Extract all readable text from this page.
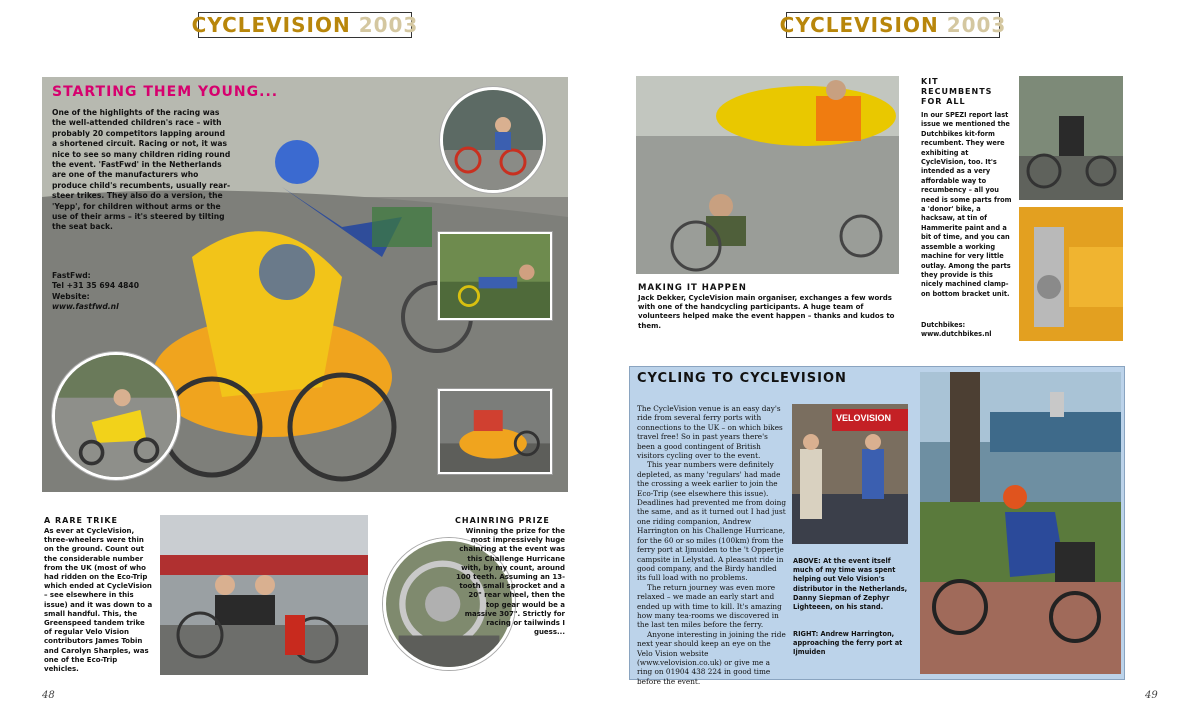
CYCLEVISION 2003
STARTING THEM YOUNG...
One of the highlights of the racing was the well-attended children's race – with probably 20 competitors lapping around a shortened circuit. Racing or not, it was nice to see so many children riding round the event. 'FastFwd' in the Netherlands are one of the manufacturers who produce child's recumbents, usually rear-steer trikes. They also do a version, the 'Yepp', for children without arms or the use of their arms – it's steered by tilting the seat back.
FastFwd:
Tel +31 35 694 4840
Website:
www.fastfwd.nl
A RARE TRIKE
As ever at CycleVision, three-wheelers were thin on the ground. Count out the considerable number from the UK (most of who had ridden on the Eco-Trip which ended at CycleVision – see elsewhere in this issue) and it was down to a small handful. This, the Greenspeed tandem trike of regular Velo Vision contributors James Tobin and Carolyn Sharples, was one of the Eco-Trip vehicles.
CHAINRING PRIZE
Winning the prize for the most impressively huge chainring at the event was this Challenge Hurricane with, by my count, around 100 teeth. Assuming an 13-tooth small sprocket and a 20" rear wheel, then the top gear would be a massive 307". Strictly for racing or tailwinds I guess...
48
CYCLEVISION 2003
MAKING IT HAPPEN
Jack Dekker, CycleVision main organiser, exchanges a few words with one of the handcycling participants. A huge team of volunteers helped make the event happen – thanks and kudos to them.
KIT
RECUMBENTS
FOR ALL
In our SPEZI report last issue we mentioned the Dutchbikes kit-form recumbent. They were exhibiting at CycleVision, too. It's intended as a very affordable way to recumbency – all you need is some parts from a 'donor' bike, a hacksaw, at tin of Hammerite paint and a bit of time, and you can assemble a working machine for very little outlay. Among the parts they provide is this nicely machined clamp-on bottom bracket unit.
Dutchbikes:
www.dutchbikes.nl
CYCLING TO CYCLEVISION

The CycleVision venue is an easy day's ride from several ferry ports with connections to the UK – on which bikes travel free! So in past years there's been a good contingent of British visitors cycling over to the event.

This year numbers were definitely depleted, as many 'regulars' had made the crossing a week earlier to join the Eco-Trip (see elsewhere this issue). Deadlines had prevented me from doing the same, and as it turned out I had just one riding companion, Andrew Harrington on his Challenge Hurricane, for the 60 or so miles (100km) from the ferry port at Ijmuiden to the 't Oppertje campsite in Lelystad. A pleasant ride in good company, and the Birdy handled its full load with no problems.

The return journey was even more relaxed – we made an early start and ended up with time to kill. It's amazing how many tea-rooms we discovered in the last ten miles before the ferry.

Anyone interesting in joining the ride next year should keep an eye on the Velo Vision website (www.velovision.co.uk) or give me a ring on 01904 438 224 in good time before the event.

VELOVISION
ABOVE: At the event itself much of my time was spent helping out Velo Vision's distributor in the Netherlands, Danny Siepman of Zephyr Lighteeen, on his stand.
RIGHT: Andrew Harrington, approaching the ferry port at Ijmuiden
49
